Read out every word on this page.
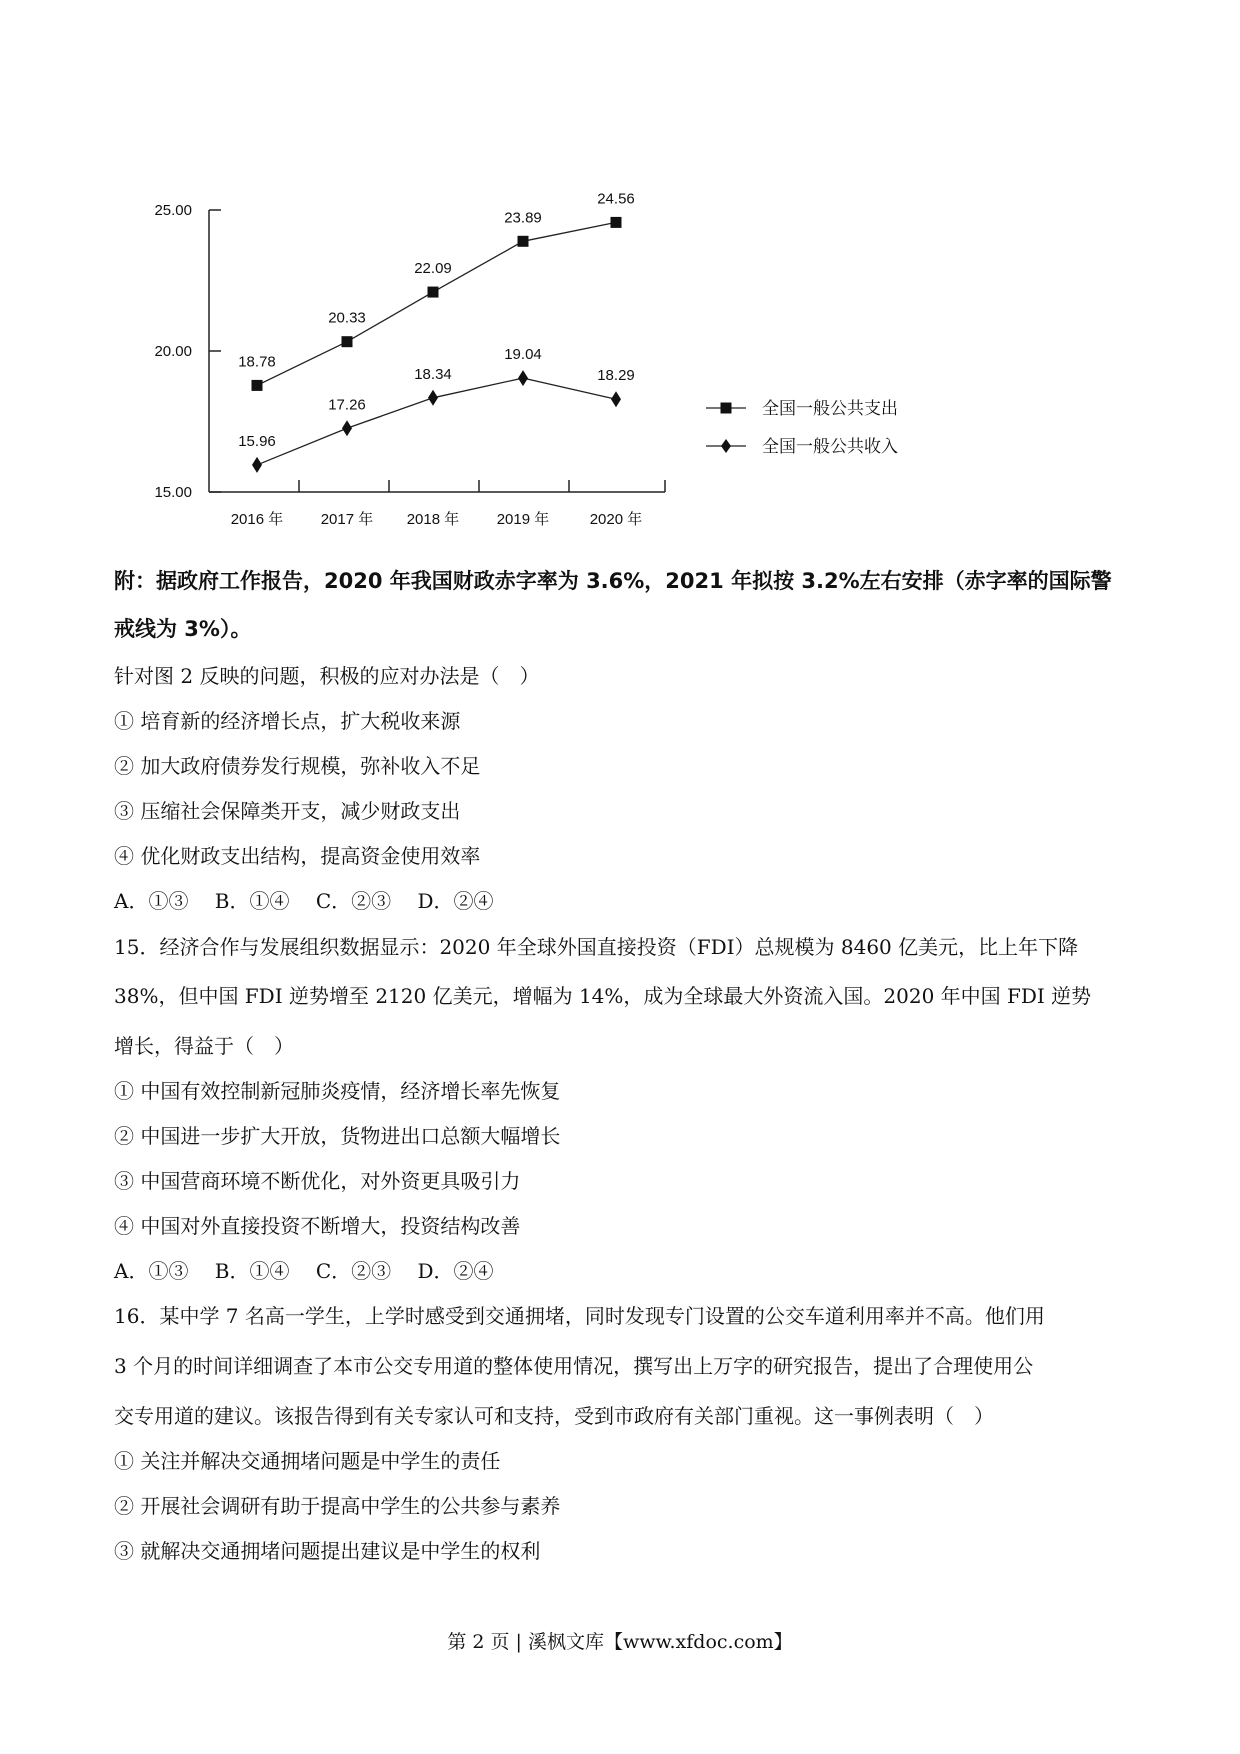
25.00
20.00
15.00
2016 年 2017 年 2018 年 2019 年	2020 年
18.78
20.33
22.09
23.89
24.56
15.96
17.26
18.34
19.04
18.29
全国一般公共支出
全国一般公共收入
附：据政府工作报告，2020 年我国财政赤字率为 3.6%，2021 年拟按 3.2%左右安排（赤字率的国际警
戒线为 3%）。
针对图 2 反映的问题，积极的应对办法是（　）
① 培育新的经济增长点，扩大税收来源
② 加大政府债券发行规模，弥补收入不足
③ 压缩社会保障类开支，减少财政支出
④ 优化财政支出结构，提高资金使用效率
A．①③　 B．①④　 C．②③　 D．②④
15．经济合作与发展组织数据显示：2020 年全球外国直接投资（FDI）总规模为 8460 亿美元，比上年下降
38%，但中国 FDI 逆势增至 2120 亿美元，增幅为 14%，成为全球最大外资流入国。2020 年中国 FDI 逆势
增长，得益于（　）
① 中国有效控制新冠肺炎疫情，经济增长率先恢复
② 中国进一步扩大开放，货物进出口总额大幅增长
③ 中国营商环境不断优化，对外资更具吸引力
④ 中国对外直接投资不断增大，投资结构改善
A．①③　 B．①④　 C．②③　 D．②④
16．某中学 7 名高一学生，上学时感受到交通拥堵，同时发现专门设置的公交车道利用率并不高。他们用
3 个月的时间详细调查了本市公交专用道的整体使用情况，撰写出上万字的研究报告，提出了合理使用公
交专用道的建议。该报告得到有关专家认可和支持，受到市政府有关部门重视。这一事例表明（　）
① 关注并解决交通拥堵问题是中学生的责任
② 开展社会调研有助于提高中学生的公共参与素养
③ 就解决交通拥堵问题提出建议是中学生的权利
第 2 页 | 溪枫文库【www.xfdoc.com】
